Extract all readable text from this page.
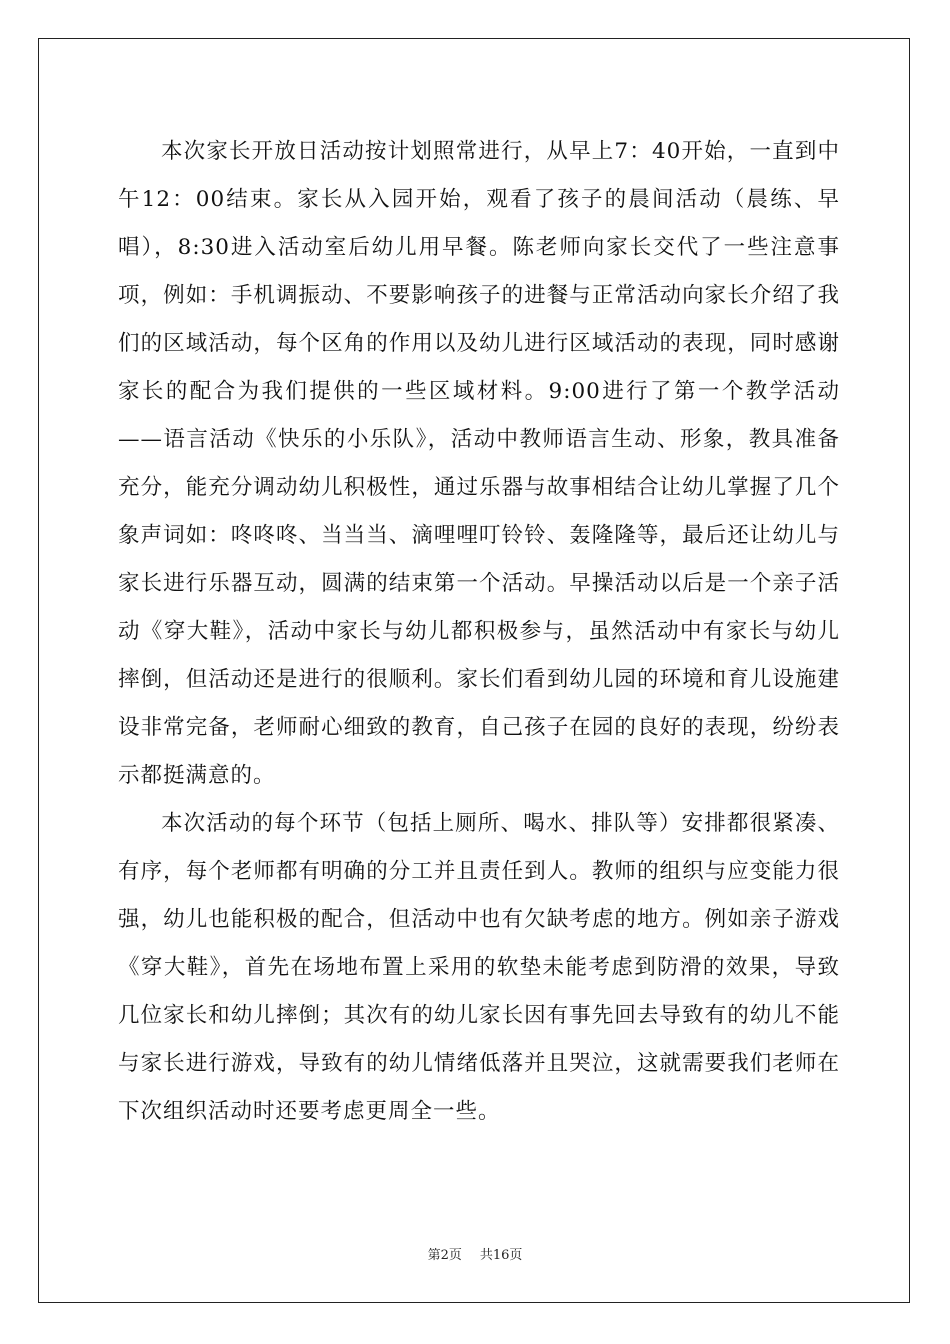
本次家长开放日活动按计划照常进行，从早上7：40开始，一直到中午12：00结束。家长从入园开始，观看了孩子的晨间活动（晨练、早唱），8:30进入活动室后幼儿用早餐。陈老师向家长交代了一些注意事项，例如：手机调振动、不要影响孩子的进餐与正常活动向家长介绍了我们的区域活动，每个区角的作用以及幼儿进行区域活动的表现，同时感谢家长的配合为我们提供的一些区域材料。9:00进行了第一个教学活动——语言活动《快乐的小乐队》，活动中教师语言生动、形象，教具准备充分，能充分调动幼儿积极性，通过乐器与故事相结合让幼儿掌握了几个象声词如：咚咚咚、当当当、滴哩哩叮铃铃、轰隆隆等，最后还让幼儿与家长进行乐器互动，圆满的结束第一个活动。早操活动以后是一个亲子活动《穿大鞋》，活动中家长与幼儿都积极参与，虽然活动中有家长与幼儿摔倒，但活动还是进行的很顺利。家长们看到幼儿园的环境和育儿设施建设非常完备，老师耐心细致的教育，自己孩子在园的良好的表现，纷纷表示都挺满意的。

本次活动的每个环节（包括上厕所、喝水、排队等）安排都很紧凑、有序，每个老师都有明确的分工并且责任到人。教师的组织与应变能力很强，幼儿也能积极的配合，但活动中也有欠缺考虑的地方。例如亲子游戏《穿大鞋》，首先在场地布置上采用的软垫未能考虑到防滑的效果，导致几位家长和幼儿摔倒；其次有的幼儿家长因有事先回去导致有的幼儿不能与家长进行游戏，导致有的幼儿情绪低落并且哭泣，这就需要我们老师在下次组织活动时还要考虑更周全一些。

第2页 共16页
